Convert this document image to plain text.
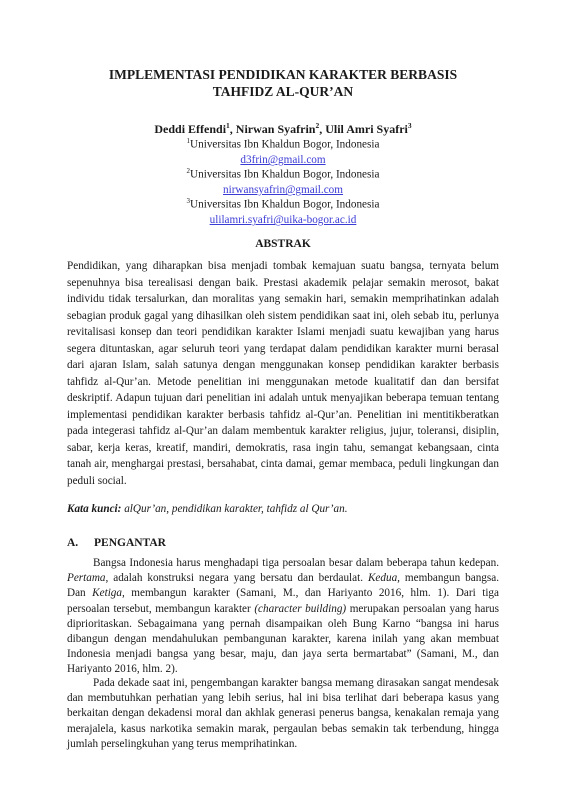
IMPLEMENTASI PENDIDIKAN KARAKTER BERBASIS
TAHFIDZ AL-QUR’AN
Deddi Effendi$^1$, Nirwan Syafrin$^2$, Ulil Amri Syafri$^3$
$^1$Universitas Ibn Khaldun Bogor, Indonesia
d3frin@gmail.com
$^2$Universitas Ibn Khaldun Bogor, Indonesia
nirwansyafrin@gmail.com
$^3$Universitas Ibn Khaldun Bogor, Indonesia
ulilamri.syafri@uika-bogor.ac.id
ABSTRAK

Pendidikan, yang diharapkan bisa menjadi tombak kemajuan suatu bangsa, ternyata belum sepenuhnya bisa terealisasi dengan baik. Prestasi akademik pelajar semakin merosot, bakat individu tidak tersalurkan, dan moralitas yang semakin hari, semakin memprihatinkan adalah sebagian produk gagal yang dihasilkan oleh sistem pendidikan saat ini, oleh sebab itu, perlunya revitalisasi konsep dan teori pendidikan karakter Islami menjadi suatu kewajiban yang harus segera dituntaskan, agar seluruh teori yang terdapat dalam pendidikan karakter murni berasal dari ajaran Islam, salah satunya dengan menggunakan konsep pendidikan karakter berbasis tahfidz al-Qur’an. Metode penelitian ini menggunakan metode kualitatif dan dan bersifat deskriptif. Adapun tujuan dari penelitian ini adalah untuk menyajikan beberapa temuan tentang implementasi pendidikan karakter berbasis tahfidz al-Qur’an. Penelitian ini mentitikberatkan pada integerasi tahfidz al-Qur’an dalam membentuk karakter religius, jujur, toleransi, disiplin, sabar, kerja keras, kreatif, mandiri, demokratis, rasa ingin tahu, semangat kebangsaan, cinta tanah air, menghargai prestasi, bersahabat, cinta damai, gemar membaca, peduli lingkungan dan peduli social.

Kata kunci: alQur’an, pendidikan karakter, tahfidz al Qur’an.
A. PENGANTAR

Bangsa Indonesia harus menghadapi tiga persoalan besar dalam beberapa tahun kedepan. Pertama, adalah konstruksi negara yang bersatu dan berdaulat. Kedua, membangun bangsa. Dan Ketiga, membangun karakter (Samani, M., dan Hariyanto 2016, hlm. 1). Dari tiga persoalan tersebut, membangun karakter (character building) merupakan persoalan yang harus diprioritaskan. Sebagaimana yang pernah disampaikan oleh Bung Karno “bangsa ini harus dibangun dengan mendahulukan pembangunan karakter, karena inilah yang akan membuat Indonesia menjadi bangsa yang besar, maju, dan jaya serta bermartabat” (Samani, M., dan Hariyanto 2016, hlm. 2).

Pada dekade saat ini, pengembangan karakter bangsa memang dirasakan sangat mendesak dan membutuhkan perhatian yang lebih serius, hal ini bisa terlihat dari beberapa kasus yang berkaitan dengan dekadensi moral dan akhlak generasi penerus bangsa, kenakalan remaja yang merajalela, kasus narkotika semakin marak, pergaulan bebas semakin tak terbendung, hingga jumlah perselingkuhan yang terus memprihatinkan.
